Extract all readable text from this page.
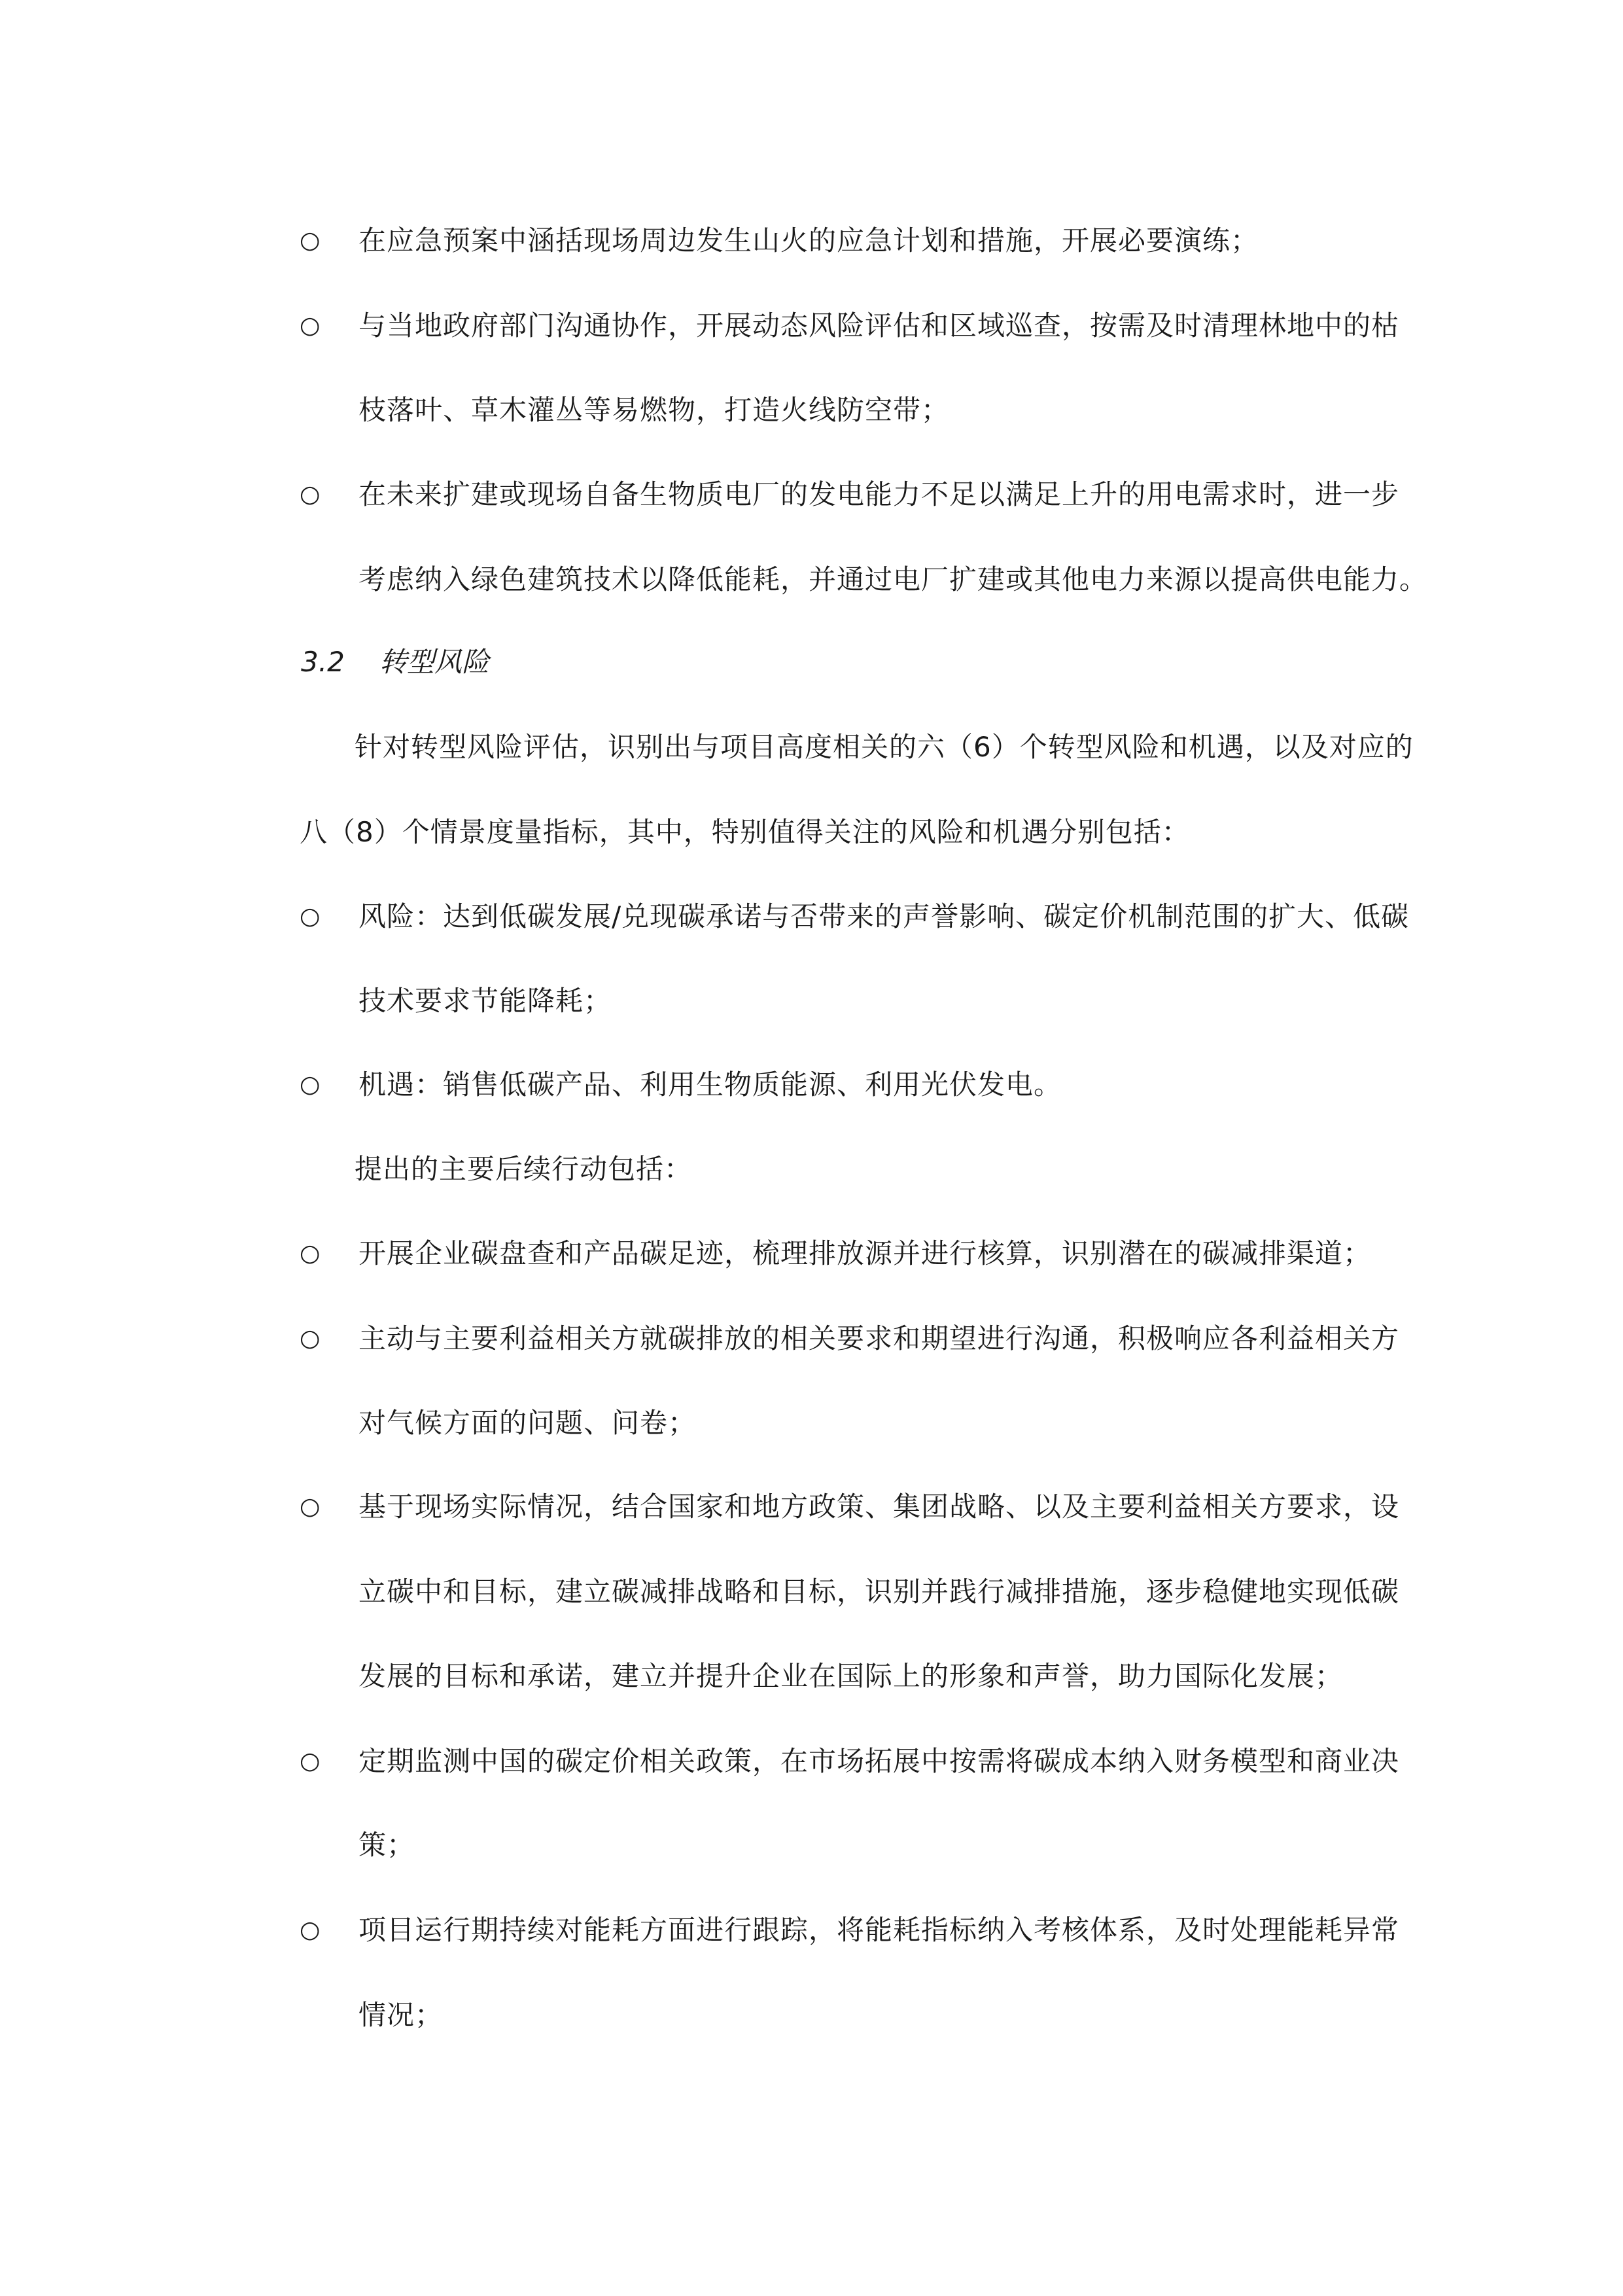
○ 在应急预案中涵括现场周边发生山火的应急计划和措施，开展必要演练；
○ 与当地政府部门沟通协作，开展动态风险评估和区域巡查，按需及时清理林地中的枯
枝落叶、草木灌丛等易燃物，打造火线防空带；
○ 在未来扩建或现场自备生物质电厂的发电能力不足以满足上升的用电需求时，进一步
考虑纳入绿色建筑技术以降低能耗，并通过电厂扩建或其他电力来源以提高供电能力。
3.2 转型风险
针对转型风险评估，识别出与项目高度相关的六（6）个转型风险和机遇，以及对应的
八（8）个情景度量指标，其中，特别值得关注的风险和机遇分别包括：
○ 风险：达到低碳发展/兑现碳承诺与否带来的声誉影响、碳定价机制范围的扩大、低碳
技术要求节能降耗；
○ 机遇：销售低碳产品、利用生物质能源、利用光伏发电。
提出的主要后续行动包括：
○ 开展企业碳盘查和产品碳足迹，梳理排放源并进行核算，识别潜在的碳减排渠道；
○ 主动与主要利益相关方就碳排放的相关要求和期望进行沟通，积极响应各利益相关方
对气候方面的问题、问卷；
○ 基于现场实际情况，结合国家和地方政策、集团战略、以及主要利益相关方要求，设
立碳中和目标，建立碳减排战略和目标，识别并践行减排措施，逐步稳健地实现低碳
发展的目标和承诺，建立并提升企业在国际上的形象和声誉，助力国际化发展；
○ 定期监测中国的碳定价相关政策，在市场拓展中按需将碳成本纳入财务模型和商业决
策；
○ 项目运行期持续对能耗方面进行跟踪，将能耗指标纳入考核体系，及时处理能耗异常
情况；
